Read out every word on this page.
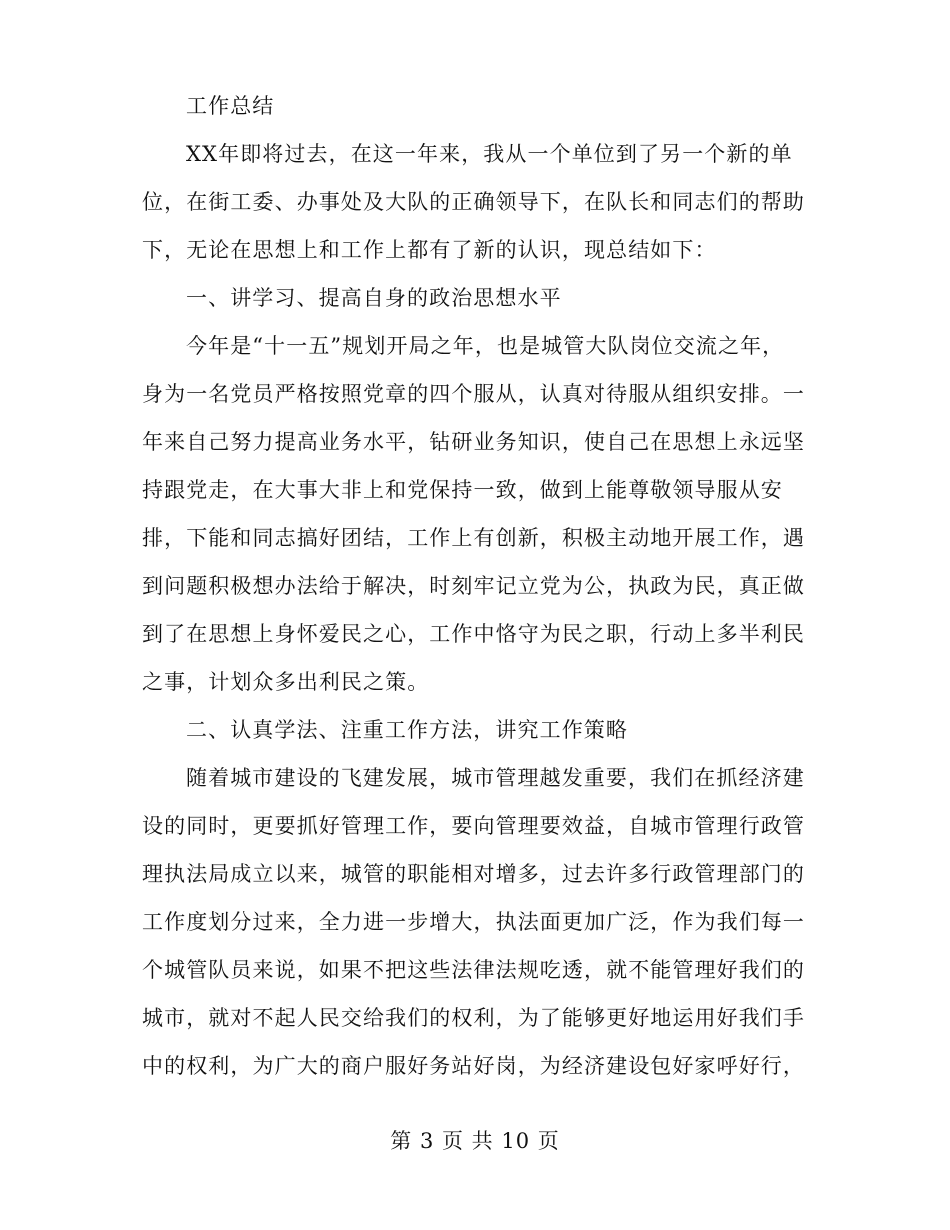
工作总结
XX年即将过去，在这一年来，我从一个单位到了另一个新的单
位，在街工委、办事处及大队的正确领导下，在队长和同志们的帮助
下，无论在思想上和工作上都有了新的认识，现总结如下：
一、讲学习、提高自身的政治思想水平
今年是“十一五”规划开局之年，也是城管大队岗位交流之年，
身为一名党员严格按照党章的四个服从，认真对待服从组织安排。一
年来自己努力提高业务水平，钻研业务知识，使自己在思想上永远坚
持跟党走，在大事大非上和党保持一致，做到上能尊敬领导服从安
排，下能和同志搞好团结，工作上有创新，积极主动地开展工作，遇
到问题积极想办法给于解决，时刻牢记立党为公，执政为民，真正做
到了在思想上身怀爱民之心，工作中恪守为民之职，行动上多半利民
之事，计划众多出利民之策。
二、认真学法、注重工作方法，讲究工作策略
随着城市建设的飞建发展，城市管理越发重要，我们在抓经济建
设的同时，更要抓好管理工作，要向管理要效益，自城市管理行政管
理执法局成立以来，城管的职能相对增多，过去许多行政管理部门的
工作度划分过来，全力进一步增大，执法面更加广泛，作为我们每一
个城管队员来说，如果不把这些法律法规吃透，就不能管理好我们的
城市，就对不起人民交给我们的权利，为了能够更好地运用好我们手
中的权利，为广大的商户服好务站好岗，为经济建设包好家呼好行，
第 3 页 共 10 页
